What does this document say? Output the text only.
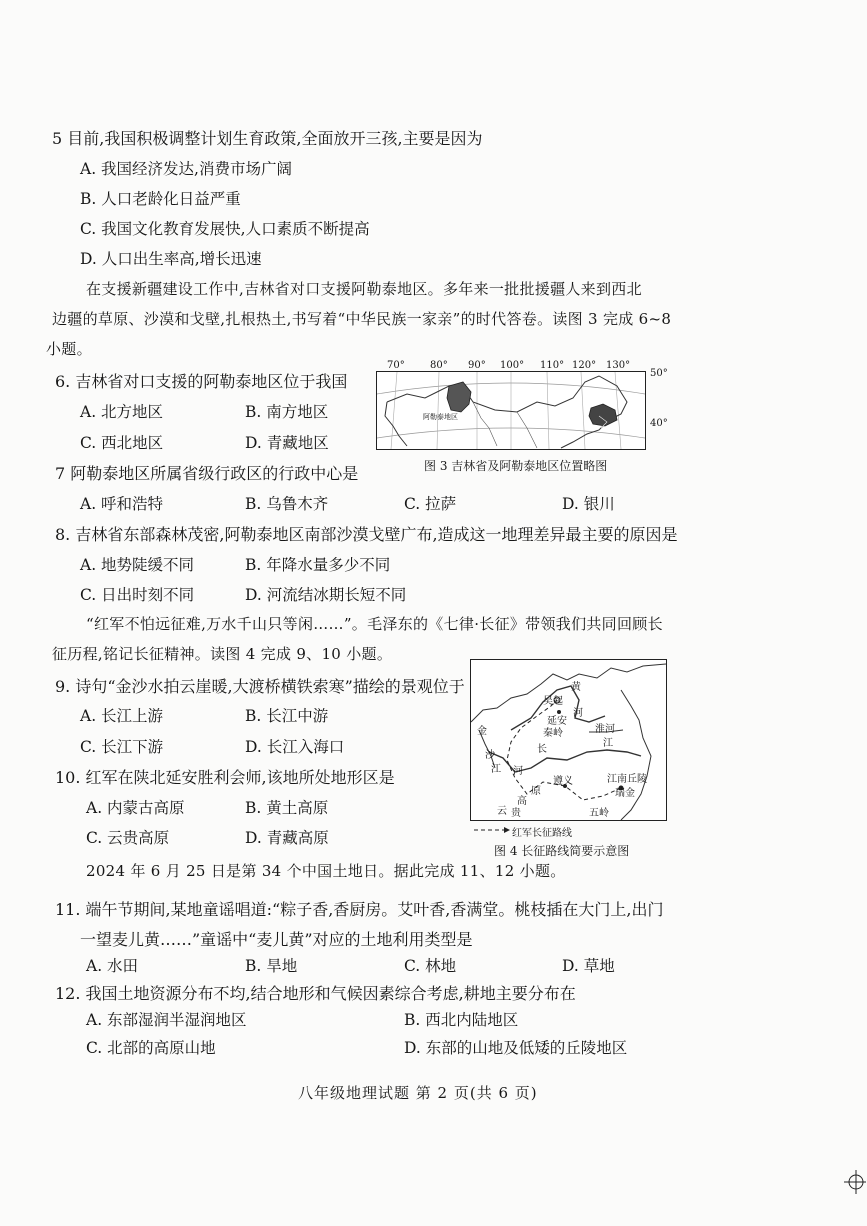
5 目前,我国积极调整计划生育政策,全面放开三孩,主要是因为
A. 我国经济发达,消费市场广阔
B. 人口老龄化日益严重
C. 我国文化教育发展快,人口素质不断提高
D. 人口出生率高,增长迅速
在支援新疆建设工作中,吉林省对口支援阿勒泰地区。多年来一批批援疆人来到西北
边疆的草原、沙漠和戈壁,扎根热土,书写着“中华民族一家亲”的时代答卷。读图 3 完成 6~8
小题。
6. 吉林省对口支援的阿勒泰地区位于我国
A. 北方地区	B. 南方地区
C. 西北地区	D. 青藏地区
70°	80° 90° 100° 110° 120° 130°
阿勒泰地区
50°
40°
图 3 吉林省及阿勒泰地区位置略图
7 阿勒泰地区所属省级行政区的行政中心是
A. 呼和浩特	B. 乌鲁木齐	C. 拉萨	D. 银川
8. 吉林省东部森林茂密,阿勒泰地区南部沙漠戈壁广布,造成这一地理差异最主要的原因是
A. 地势陡缓不同	B. 年降水量多少不同
C. 日出时刻不同	D. 河流结冰期长短不同
“红军不怕远征难,万水千山只等闲……”。毛泽东的《七律·长征》带领我们共同回顾长
征历程,铭记长征精神。读图 4 完成 9、10 小题。
9. 诗句“金沙水拍云崖暖,大渡桥横铁索寒”描绘的景观位于
A. 长江上游	B. 长江中游
C. 长江下游	D. 长江入海口
黄
吴起
河
延安
秦岭	淮河
金
沙
江
长
江
遵义	江南丘陵
瑞金
河
高
原
云 贵	五岭
红军长征路线
图 4 长征路线简要示意图
10. 红军在陕北延安胜利会师,该地所处地形区是
A. 内蒙古高原	B. 黄土高原
C. 云贵高原	D. 青藏高原
2024 年 6 月 25 日是第 34 个中国土地日。据此完成 11、12 小题。
11. 端午节期间,某地童谣唱道:“粽子香,香厨房。艾叶香,香满堂。桃枝插在大门上,出门
一望麦儿黄……”童谣中“麦儿黄”对应的土地利用类型是
A. 水田	B. 旱地	C. 林地	D. 草地
12. 我国土地资源分布不均,结合地形和气候因素综合考虑,耕地主要分布在
A. 东部湿润半湿润地区	B. 西北内陆地区
C. 北部的高原山地	D. 东部的山地及低矮的丘陵地区
八年级地理试题 第 2 页(共 6 页)
